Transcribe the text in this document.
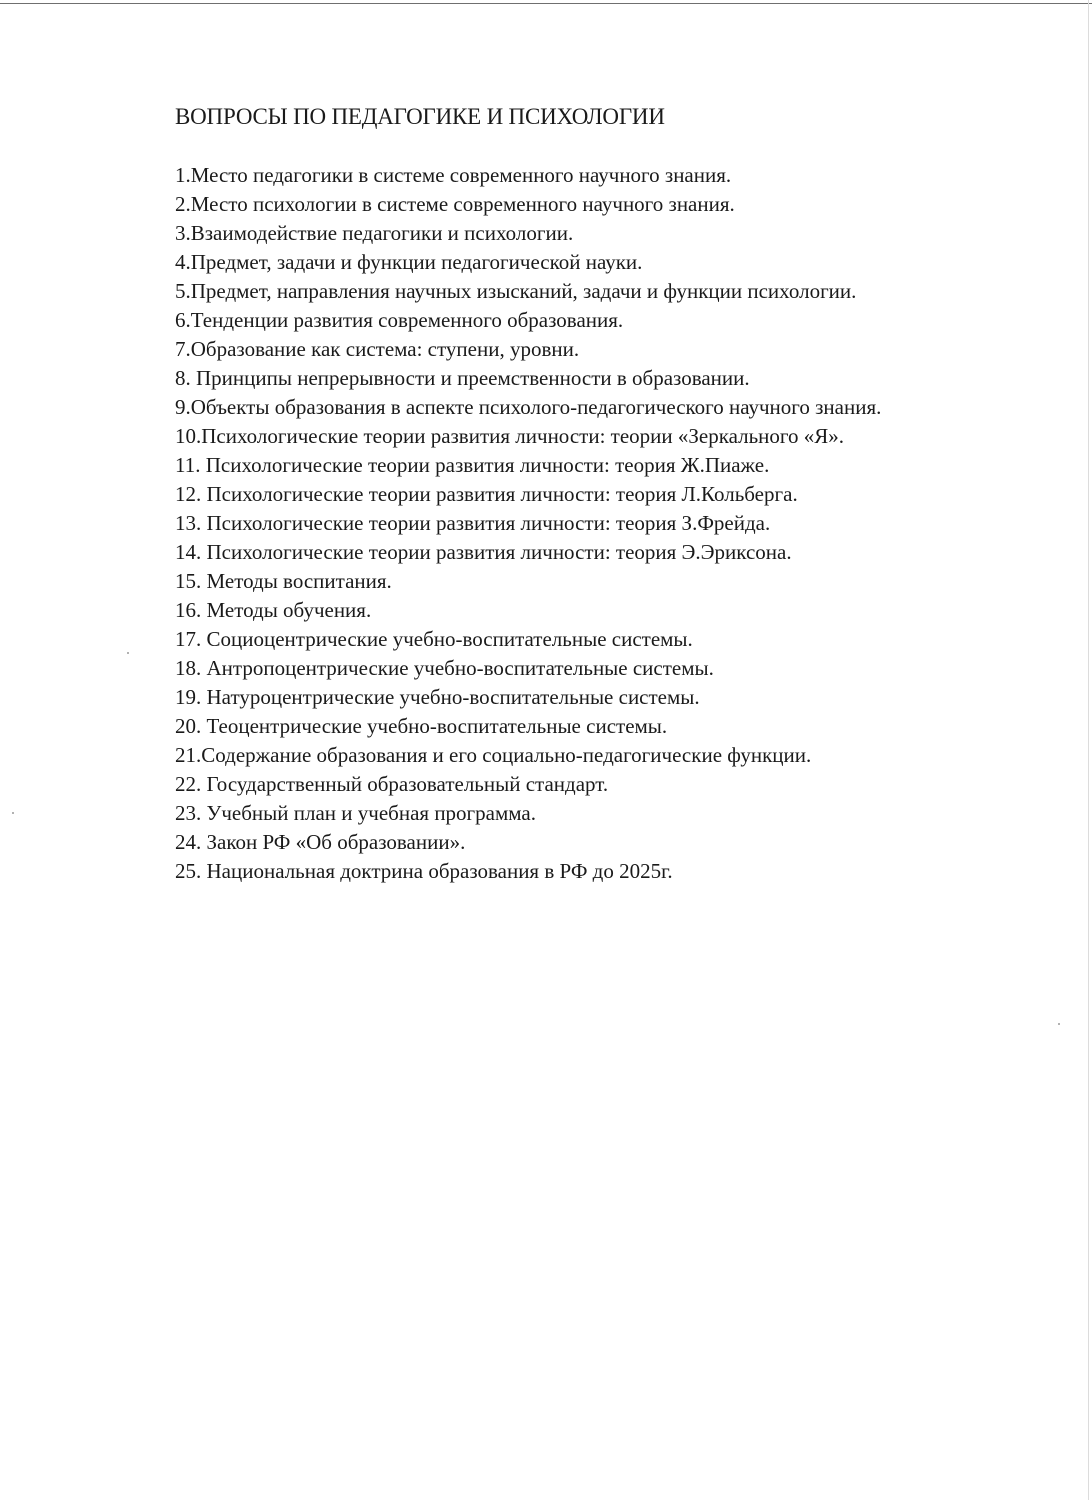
ВОПРОСЫ ПО ПЕДАГОГИКЕ И ПСИХОЛОГИИ
1.Место педагогики в системе современного научного знания.
2.Место психологии в системе современного научного знания.
3.Взаимодействие педагогики и психологии.
4.Предмет, задачи и функции педагогической науки.
5.Предмет, направления научных изысканий, задачи и функции психологии.
6.Тенденции развития современного образования.
7.Образование как система: ступени, уровни.
8. Принципы непрерывности и преемственности в образовании.
9.Объекты образования в аспекте психолого-педагогического научного знания.
10.Психологические теории развития личности: теории «Зеркального «Я».
11. Психологические теории развития личности: теория Ж.Пиаже.
12. Психологические теории развития личности: теория Л.Кольберга.
13. Психологические теории развития личности: теория З.Фрейда.
14. Психологические теории развития личности: теория Э.Эриксона.
15. Методы воспитания.
16. Методы обучения.
17. Социоцентрические учебно-воспитательные системы.
18. Антропоцентрические учебно-воспитательные системы.
19. Натуроцентрические учебно-воспитательные системы.
20. Теоцентрические учебно-воспитательные системы.
21.Содержание образования и его социально-педагогические функции.
22. Государственный образовательный стандарт.
23. Учебный план и учебная программа.
24. Закон РФ «Об образовании».
25. Национальная доктрина образования в РФ до 2025г.
